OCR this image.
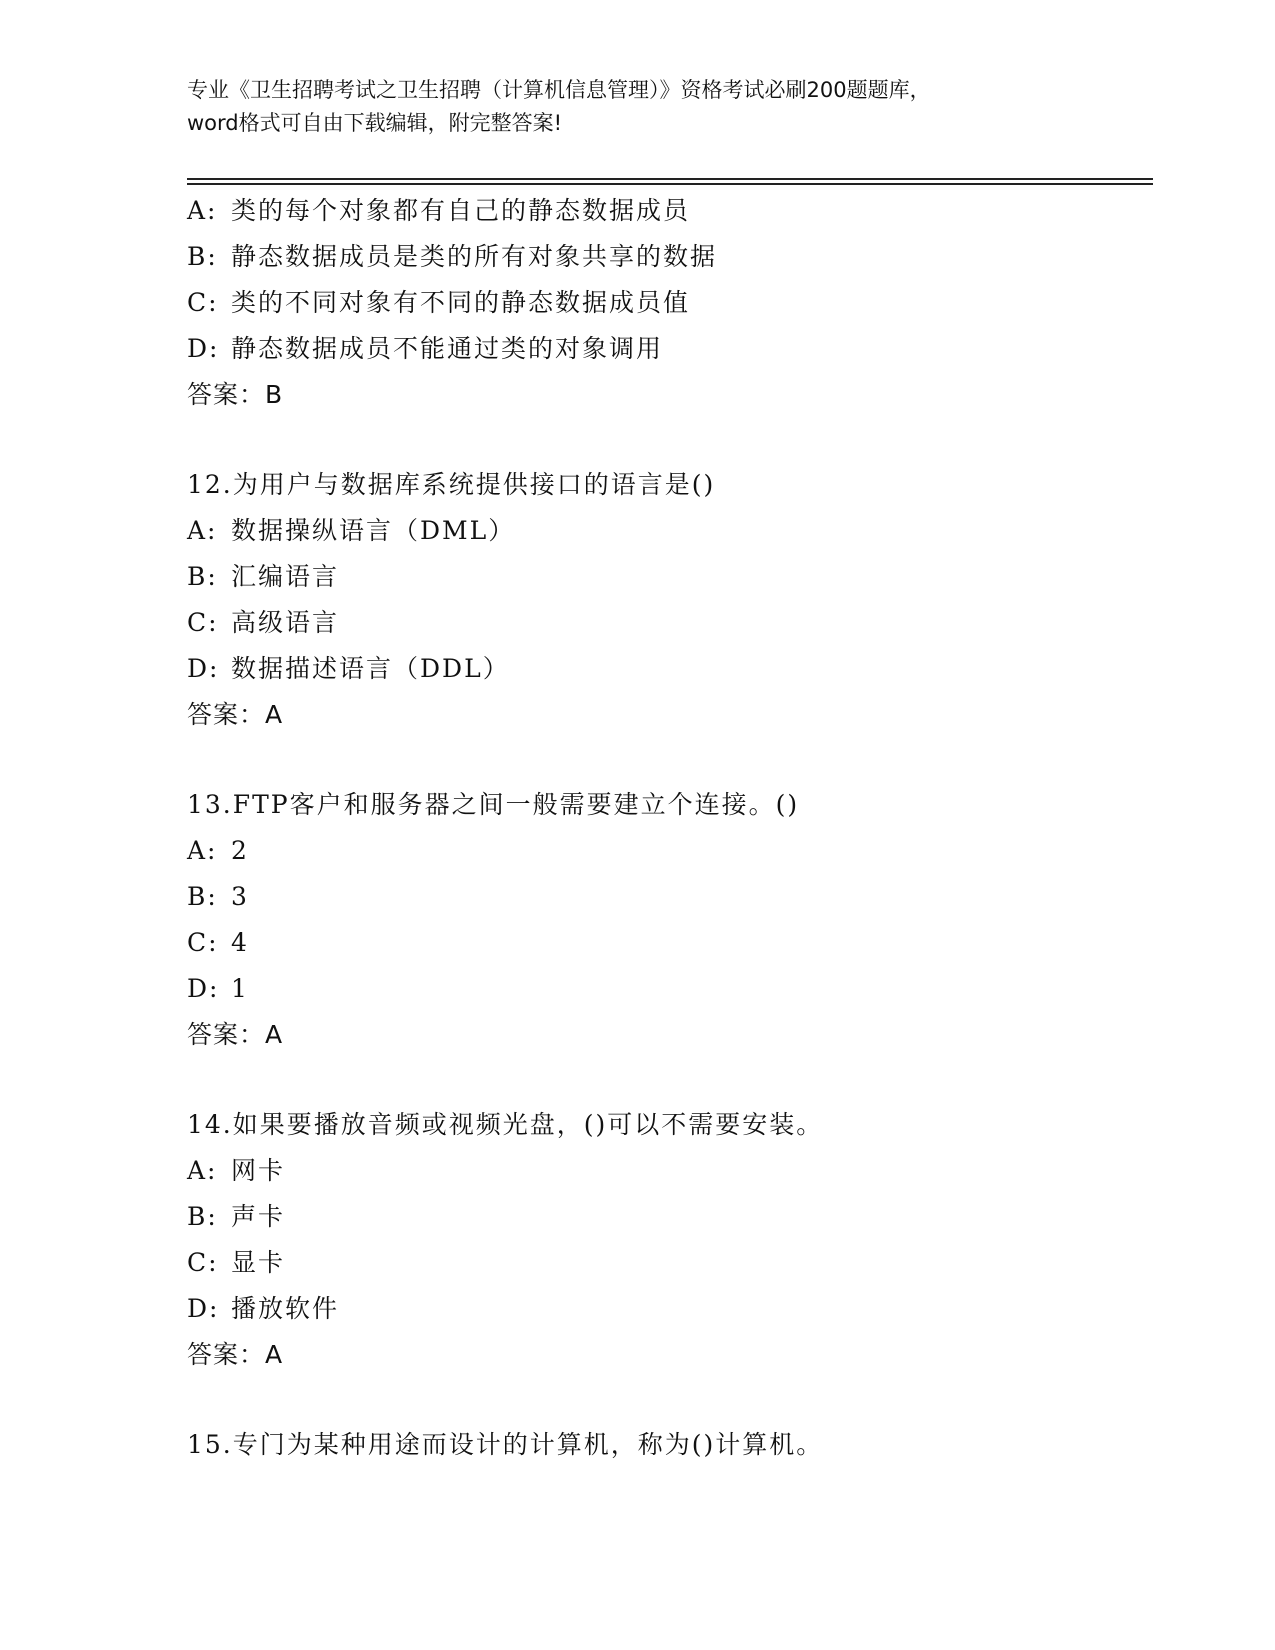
专业《卫生招聘考试之卫生招聘（计算机信息管理）》资格考试必刷200题题库，
word格式可自由下载编辑，附完整答案!
A: 类的每个对象都有自己的静态数据成员
B: 静态数据成员是类的所有对象共享的数据
C: 类的不同对象有不同的静态数据成员值
D: 静态数据成员不能通过类的对象调用
答案：B
12.为用户与数据库系统提供接口的语言是()
A: 数据操纵语言（DML）
B: 汇编语言
C: 高级语言
D: 数据描述语言（DDL）
答案：A
13.FTP客户和服务器之间一般需要建立个连接。()
A: 2
B: 3
C: 4
D: 1
答案：A
14.如果要播放音频或视频光盘，()可以不需要安装。
A: 网卡
B: 声卡
C: 显卡
D: 播放软件
答案：A
15.专门为某种用途而设计的计算机，称为()计算机。
